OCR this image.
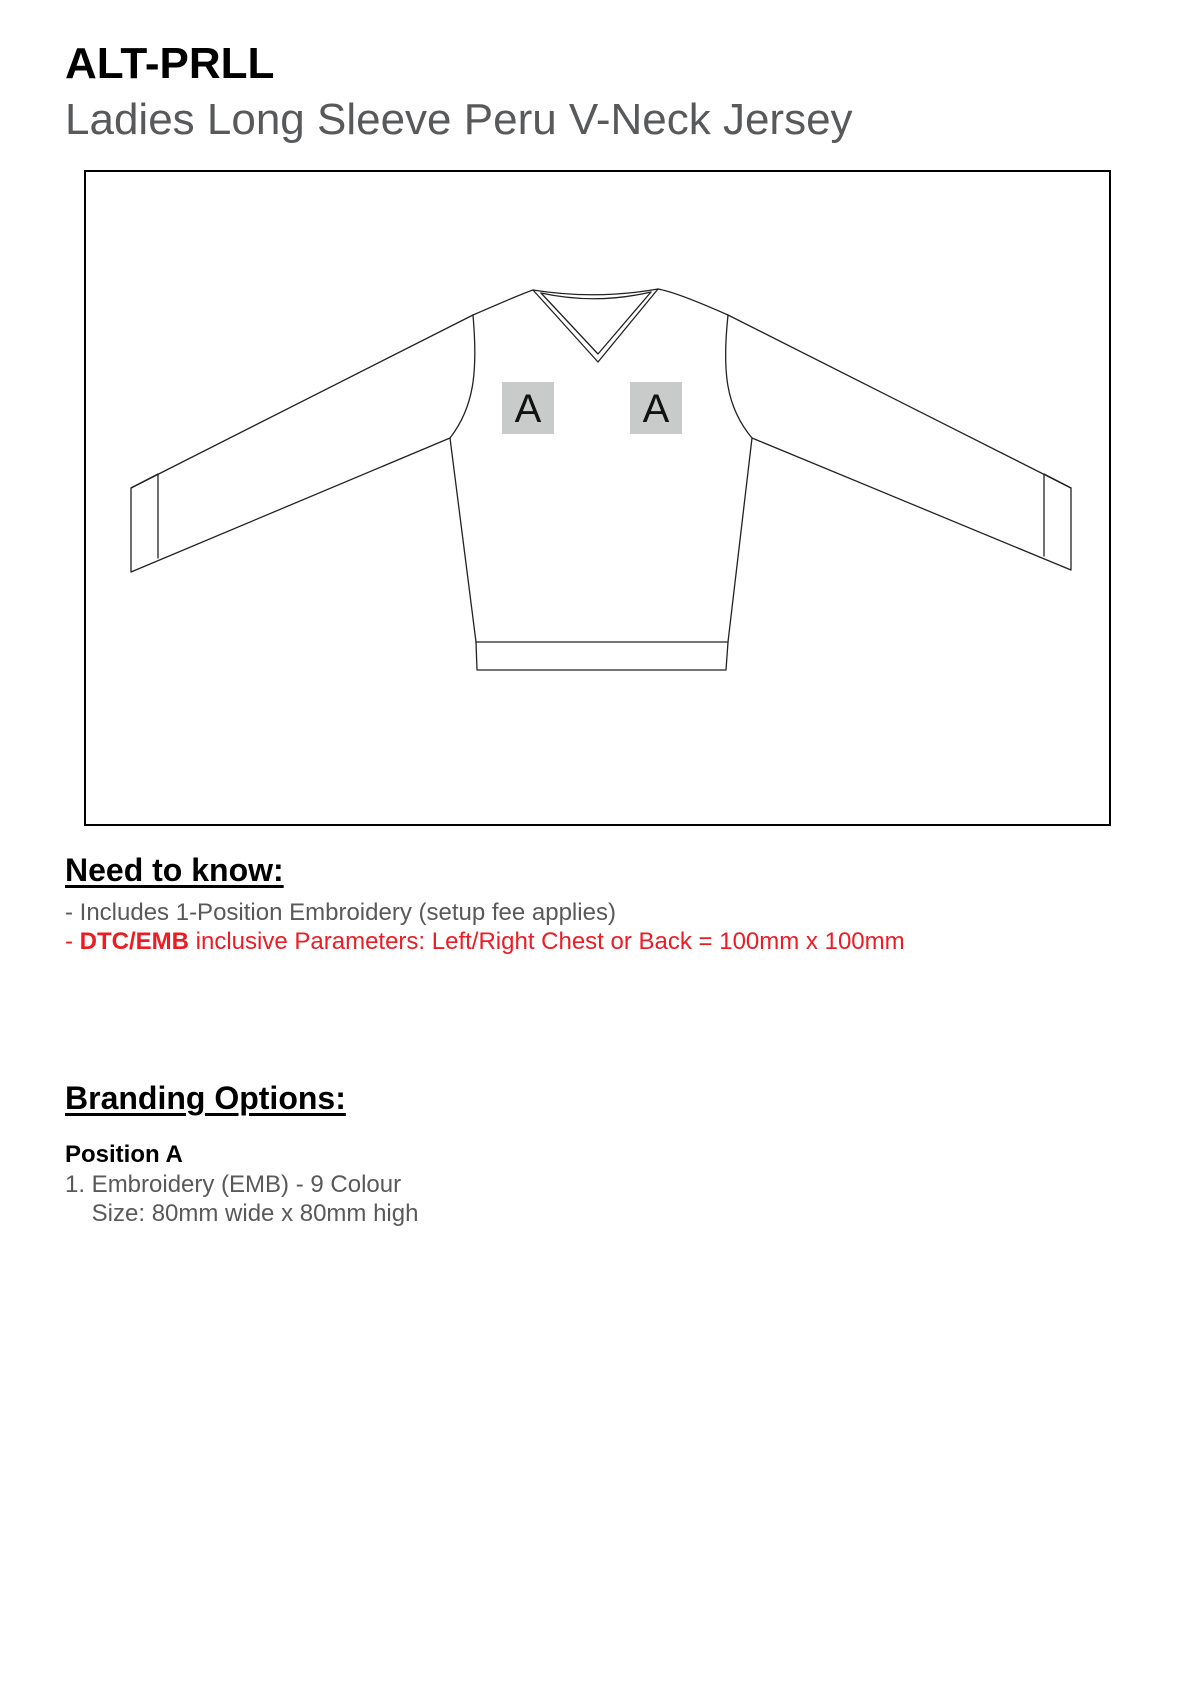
ALT-PRLL
Ladies Long Sleeve Peru V-Neck Jersey
A	A
Need to know:
- Includes 1-Position Embroidery (setup fee applies)
- DTC/EMB inclusive Parameters: Left/Right Chest or Back = 100mm x 100mm
Branding Options:
Position A
1. Embroidery (EMB) - 9 Colour
Size: 80mm wide x 80mm high
